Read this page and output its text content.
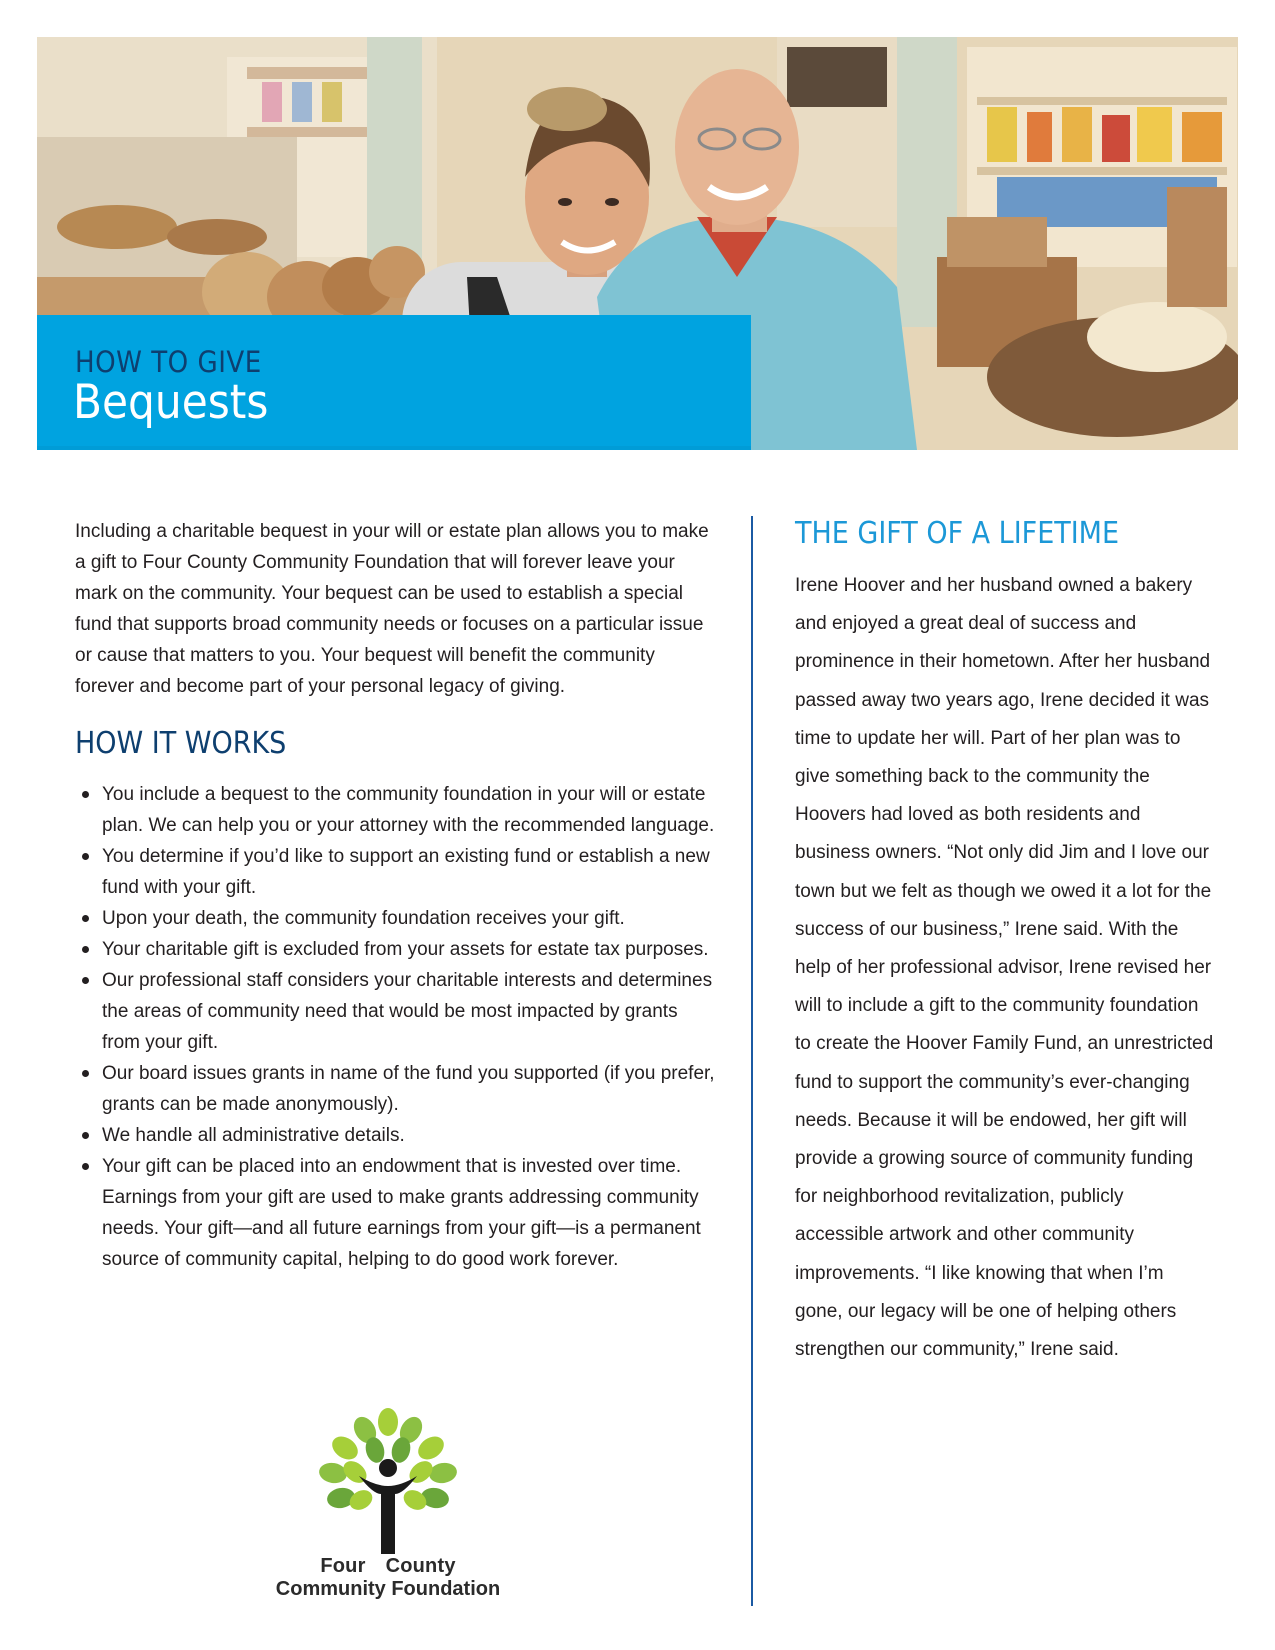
HOW TO GIVE

Bequests

Including a charitable bequest in your will or estate plan allows you to make a gift to Four County Community Foundation that will forever leave your mark on the community. Your bequest can be used to establish a special fund that supports broad community needs or focuses on a particular issue or cause that matters to you. Your bequest will benefit the community forever and become part of your personal legacy of giving.

HOW IT WORKS
You include a bequest to the community foundation in your will or estate plan. We can help you or your attorney with the recommended language.
You determine if you’d like to support an existing fund or establish a new fund with your gift.
Upon your death, the community foundation receives your gift.
Your charitable gift is excluded from your assets for estate tax purposes.
Our professional staff considers your charitable interests and determines the areas of community need that would be most impacted by grants from your gift.
Our board issues grants in name of the fund you supported (if you prefer, grants can be made anonymously).
We handle all administrative details.
Your gift can be placed into an endowment that is invested over time. Earnings from your gift are used to make grants addressing community needs. Your gift—and all future earnings from your gift—is a permanent source of community capital, helping to do good work forever.
THE GIFT OF A LIFETIME

Irene Hoover and her husband owned a bakery and enjoyed a great deal of success and prominence in their hometown. After her husband passed away two years ago, Irene decided it was time to update her will. Part of her plan was to give something back to the community the Hoovers had loved as both residents and business owners. “Not only did Jim and I love our town but we felt as though we owed it a lot for the success of our business,” Irene said. With the help of her professional advisor, Irene revised her will to include a gift to the community foundation to create the Hoover Family Fund, an unrestricted fund to support the community’s ever-changing needs. Because it will be endowed, her gift will provide a growing source of community funding for neighborhood revitalization, publicly accessible artwork and other community improvements. “I like knowing that when I’m gone, our legacy will be one of helping others strengthen our community,” Irene said.

Four County
Community Foundation
